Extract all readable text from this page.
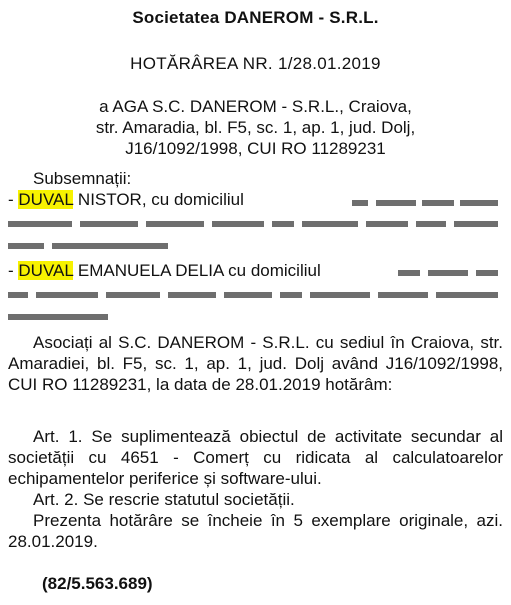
Societatea DANEROM - S.R.L.
HOTĂRÂREA NR. 1/28.01.2019
a AGA S.C. DANEROM - S.R.L., Craiova,
str. Amaradia, bl. F5, sc. 1, ap. 1, jud. Dolj,
J16/1092/1998, CUI RO 11289231
Subsemnații:
- DUVAL NISTOR, cu domiciliul
- DUVAL EMANUELA DELIA cu domiciliul
Asociați al S.C. DANEROM - S.R.L. cu sediul în Craiova, str. Amaradiei, bl. F5, sc. 1, ap. 1, jud. Dolj având J16/1092/1998, CUI RO 11289231, la data de 28.01.2019 hotărâm:
Art. 1. Se suplimentează obiectul de activitate secundar al societății cu 4651 - Comerț cu ridicata al calculatoarelor echipamentelor periferice și software-ului.
Art. 2. Se rescrie statutul societății.
Prezenta hotărâre se încheie în 5 exemplare originale, azi. 28.01.2019.
(82/5.563.689)
